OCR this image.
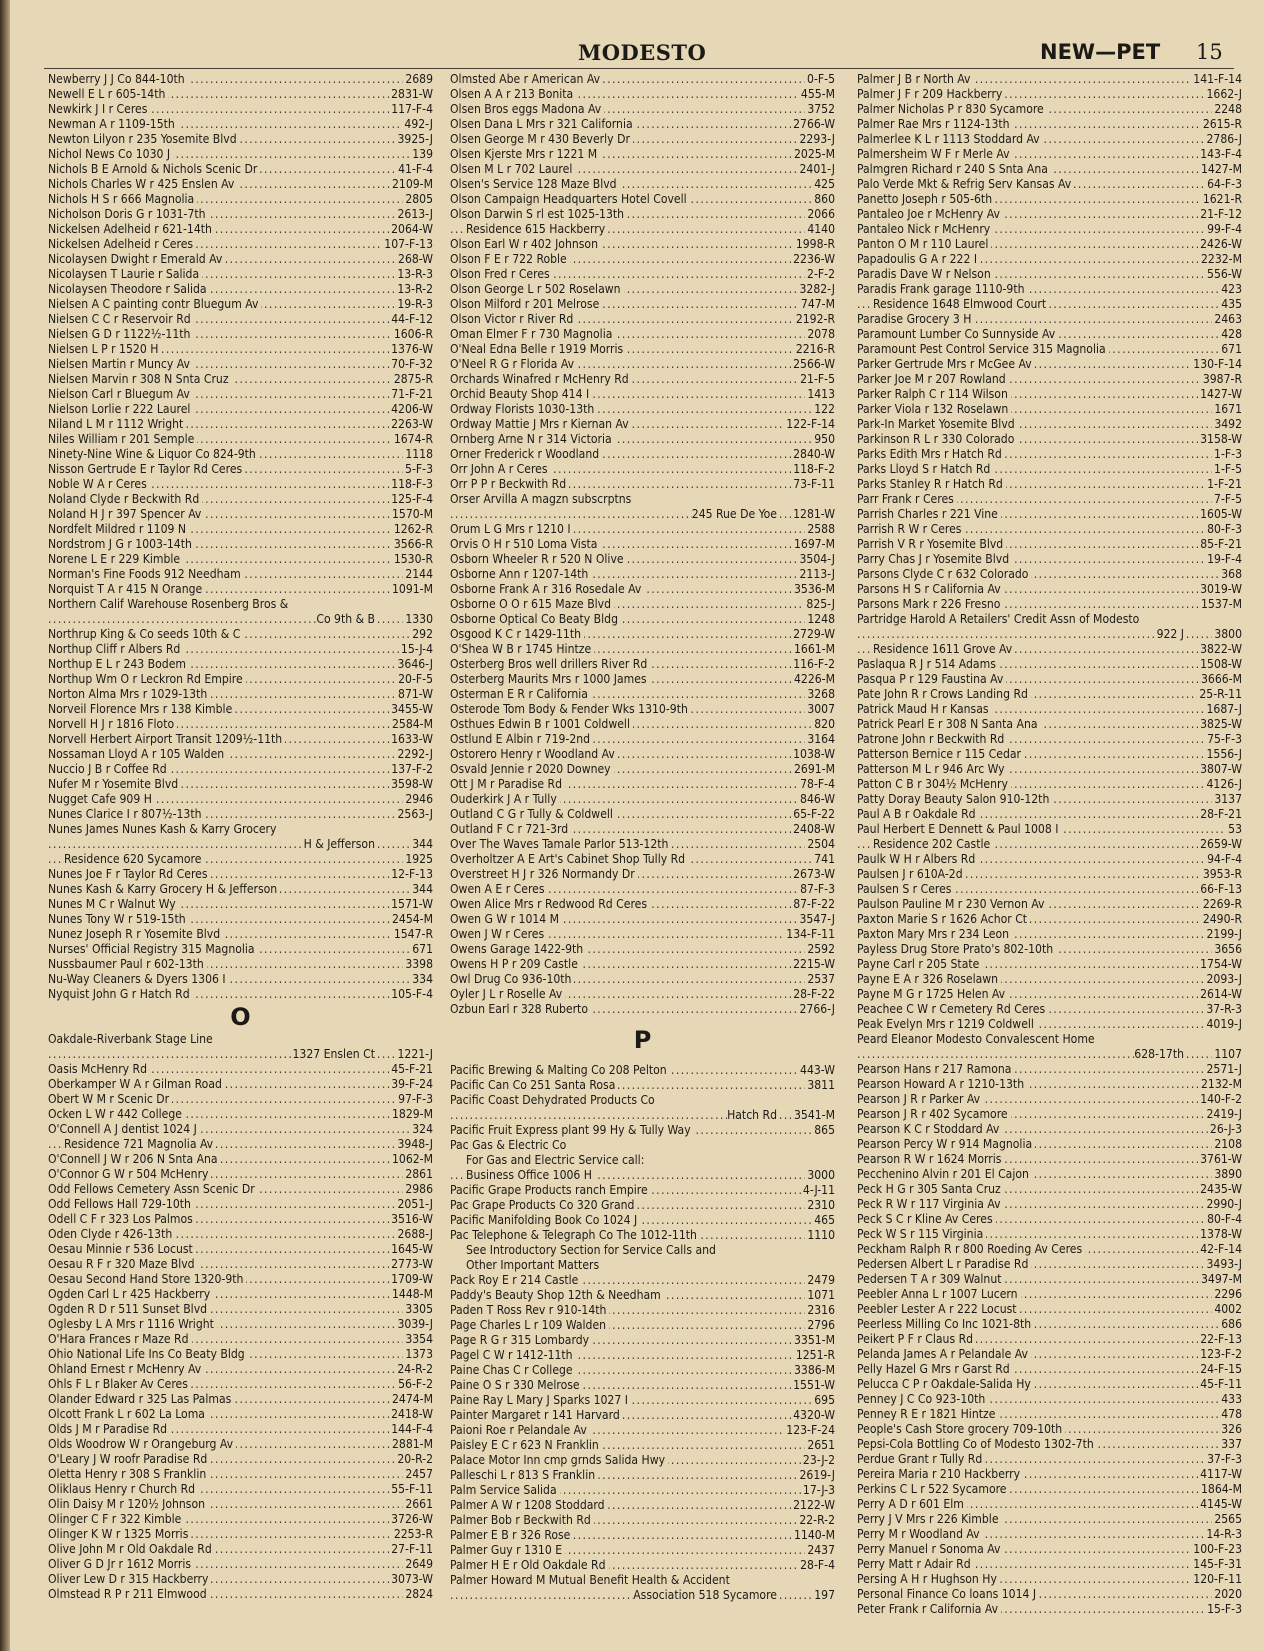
MODESTO	NEW—PET 15
. . . Newberry J J Co 844-10th	2689
. . . Newell E L r 605-14th	2831-W
. . . Newkirk J I r Ceres	117-F-4
. . . Newman A r 1109-15th	492-J
. . . Newton Lilyon r 235 Yosemite Blvd	3925-J
. . . Nichol News Co 1030 J	139
. . . Nichols B E Arnold & Nichols Scenic Dr	41-F-4
. . . Nichols Charles W r 425 Enslen Av	2109-M
. . . Nichols H S r 666 Magnolia	2805
. . . Nicholson Doris G r 1031-7th	2613-J
. . . Nickelsen Adelheid r 621-14th	2064-W
. . . Nickelsen Adelheid r Ceres	107-F-13
. . . Nicolaysen Dwight r Emerald Av	268-W
. . . Nicolaysen T Laurie r Salida	13-R-3
. . . Nicolaysen Theodore r Salida	13-R-2
. . . Nielsen A C painting contr Bluegum Av	19-R-3
. . . Nielsen C C r Reservoir Rd	44-F-12
. . . Nielsen G D r 1122½-11th	1606-R
. . . Nielsen L P r 1520 H	1376-W
. . . Nielsen Martin r Muncy Av	70-F-32
. . . Nielsen Marvin r 308 N Snta Cruz	2875-R
. . . Nielson Carl r Bluegum Av	71-F-21
. . . Nielson Lorlie r 222 Laurel	4206-W
. . . Niland L M r 1112 Wright	2263-W
. . . Niles William r 201 Semple	1674-R
. . . Ninety-Nine Wine & Liquor Co 824-9th	1118
. . . Nisson Gertrude E r Taylor Rd Ceres	5-F-3
. . . Noble W A r Ceres	118-F-3
. . . Noland Clyde r Beckwith Rd	125-F-4
. . . Noland H J r 397 Spencer Av	1570-M
. . . Nordfelt Mildred r 1109 N	1262-R
. . . Nordstrom J G r 1003-14th	3566-R
. . . Norene L E r 229 Kimble	1530-R
. . . Norman's Fine Foods 912 Needham	2144
. . . Norquist T A r 415 N Orange	1091-M
Northern Calif Warehouse Rosenberg Bros &
. . . Co 9th & B	1330
. . . Northrup King & Co seeds 10th & C	292
. . . Northup Cliff r Albers Rd	15-J-4
. . . Northup E L r 243 Bodem	3646-J
. . . Northup Wm O r Leckron Rd Empire	20-F-5
. . . Norton Alma Mrs r 1029-13th	871-W
. . . Norveil Florence Mrs r 138 Kimble	3455-W
. . . Norvell H J r 1816 Floto	2584-M
. . . Norvell Herbert Airport Transit 1209½-11th	1633-W
. . . Nossaman Lloyd A r 105 Walden	2292-J
. . . Nuccio J B r Coffee Rd	137-F-2
. . . Nufer M r Yosemite Blvd	3598-W
. . . Nugget Cafe 909 H	2946
. . . Nunes Clarice I r 807½-13th	2563-J
Nunes James Nunes Kash & Karry Grocery
. . . H & Jefferson	344
. . . Residence 620 Sycamore	1925
. . . Nunes Joe F r Taylor Rd Ceres	12-F-13
. . . Nunes Kash & Karry Grocery H & Jefferson	344
. . . Nunes M C r Walnut Wy	1571-W
. . . Nunes Tony W r 519-15th	2454-M
. . . Nunez Joseph R r Yosemite Blvd	1547-R
. . . Nurses' Official Registry 315 Magnolia	671
. . . Nussbaumer Paul r 602-13th	3398
. . . Nu-Way Cleaners & Dyers 1306 I	334
. . . Nyquist John G r Hatch Rd	105-F-4
O
Oakdale-Riverbank Stage Line
. . . 1327 Enslen Ct 1221-J
. . . Oasis McHenry Rd	45-F-21
. . . Oberkamper W A r Gilman Road	39-F-24
. . . Obert W M r Scenic Dr	97-F-3
. . . Ocken L W r 442 College	1829-M
. . . O'Connell A J dentist 1024 J	324
. . . Residence 721 Magnolia Av	3948-J
. . . O'Connell J W r 206 N Snta Ana	1062-M
. . . O'Connor G W r 504 McHenry	2861
. . . Odd Fellows Cemetery Assn Scenic Dr	2986
. . . Odd Fellows Hall 729-10th	2051-J
. . . Odell C F r 323 Los Palmos	3516-W
. . . Oden Clyde r 426-13th	2688-J
. . . Oesau Minnie r 536 Locust	1645-W
. . . Oesau R F r 320 Maze Blvd	2773-W
. . . Oesau Second Hand Store 1320-9th	1709-W
. . . Ogden Carl L r 425 Hackberry	1448-M
. . . Ogden R D r 511 Sunset Blvd	3305
. . . Oglesby L A Mrs r 1116 Wright	3039-J
. . . O'Hara Frances r Maze Rd	3354
. . . Ohio National Life Ins Co Beaty Bldg	1373
. . . Ohland Ernest r McHenry Av	24-R-2
. . . Ohls F L r Blaker Av Ceres	56-F-2
. . . Olander Edward r 325 Las Palmas	2474-M
. . . Olcott Frank L r 602 La Loma	2418-W
. . . Olds J M r Paradise Rd	144-F-4
. . . Olds Woodrow W r Orangeburg Av	2881-M
. . . O'Leary J W roofr Paradise Rd	20-R-2
. . . Oletta Henry r 308 S Franklin	2457
. . . Oliklaus Henry r Church Rd	55-F-11
. . . Olin Daisy M r 120½ Johnson	2661
. . . Olinger C F r 322 Kimble	3726-W
. . . Olinger K W r 1325 Morris	2253-R
. . . Olive John M r Old Oakdale Rd	27-F-11
. . . Oliver G D Jr r 1612 Morris	2649
. . . Oliver Lew D r 315 Hackberry	3073-W
. . . Olmstead R P r 211 Elmwood	2824
. . . Olmsted Abe r American Av	0-F-5
. . . Olsen A A r 213 Bonita	455-M
. . . Olsen Bros eggs Madona Av	3752
. . . Olsen Dana L Mrs r 321 California	2766-W
. . . Olsen George M r 430 Beverly Dr	2293-J
. . . Olsen Kjerste Mrs r 1221 M	2025-M
. . . Olsen M L r 702 Laurel	2401-J
. . . Olsen's Service 128 Maze Blvd	425
. . . Olson Campaign Headquarters Hotel Covell	860
. . . Olson Darwin S rl est 1025-13th	2066
. . . Residence 615 Hackberry	4140
. . . Olson Earl W r 402 Johnson	1998-R
. . . Olson F E r 722 Roble	2236-W
. . . Olson Fred r Ceres	2-F-2
. . . Olson George L r 502 Roselawn	3282-J
. . . Olson Milford r 201 Melrose	747-M
. . . Olson Victor r River Rd	2192-R
. . . Oman Elmer F r 730 Magnolia	2078
. . . O'Neal Edna Belle r 1919 Morris	2216-R
. . . O'Neel R G r Florida Av	2566-W
. . . Orchards Winafred r McHenry Rd	21-F-5
. . . Orchid Beauty Shop 414 I	1413
. . . Ordway Florists 1030-13th	122
. . . Ordway Mattie J Mrs r Kiernan Av	122-F-14
. . . Ornberg Arne N r 314 Victoria	950
. . . Orner Frederick r Woodland	2840-W
. . . Orr John A r Ceres	118-F-2
. . . Orr P P r Beckwith Rd	73-F-11
Orser Arvilla A magzn subscrptns
. . . 245 Rue De Yoe 1281-W
. . . Orum L G Mrs r 1210 I	2588
. . . Orvis O H r 510 Loma Vista	1697-M
. . . Osborn Wheeler R r 520 N Olive	3504-J
. . . Osborne Ann r 1207-14th	2113-J
. . . Osborne Frank A r 316 Rosedale Av	3536-M
. . . Osborne O O r 615 Maze Blvd	825-J
. . . Osborne Optical Co Beaty Bldg	1248
. . . Osgood K C r 1429-11th	2729-W
. . . O'Shea W B r 1745 Hintze	1661-M
. . . Osterberg Bros well drillers River Rd	116-F-2
. . . Osterberg Maurits Mrs r 1000 James	4226-M
. . . Osterman E R r California	3268
. . . Osterode Tom Body & Fender Wks 1310-9th	3007
. . . Osthues Edwin B r 1001 Coldwell	820
. . . Ostlund E Albin r 719-2nd	3164
. . . Ostorero Henry r Woodland Av	1038-W
. . . Osvald Jennie r 2020 Downey	2691-M
. . . Ott J M r Paradise Rd	78-F-4
. . . Ouderkirk J A r Tully	846-W
. . . Outland C G r Tully & Coldwell	65-F-22
. . . Outland F C r 721-3rd	2408-W
. . . Over The Waves Tamale Parlor 513-12th	2504
. . . Overholtzer A E Art's Cabinet Shop Tully Rd	741
. . . Overstreet H J r 326 Normandy Dr	2673-W
. . . Owen A E r Ceres	87-F-3
. . . Owen Alice Mrs r Redwood Rd Ceres	87-F-22
. . . Owen G W r 1014 M	3547-J
. . . Owen J W r Ceres	134-F-11
. . . Owens Garage 1422-9th	2592
. . . Owens H P r 209 Castle	2215-W
. . . Owl Drug Co 936-10th	2537
. . . Oyler J L r Roselle Av	28-F-22
. . . Ozbun Earl r 328 Ruberto	2766-J
P
. . . Pacific Brewing & Malting Co 208 Pelton	443-W
. . . Pacific Can Co 251 Santa Rosa	3811
Pacific Coast Dehydrated Products Co
. . . Hatch Rd 3541-M
. . . Pacific Fruit Express plant 99 Hy & Tully Way	865
Pac Gas & Electric Co
For Gas and Electric Service call:
. . . Business Office 1006 H	3000
. . . Pacific Grape Products ranch Empire	4-J-11
. . . Pac Grape Products Co 320 Grand	2310
. . . Pacific Manifolding Book Co 1024 J	465
. . . Pac Telephone & Telegraph Co The 1012-11th	1110
See Introductory Section for Service Calls and
Other Important Matters
. . . Pack Roy E r 214 Castle	2479
. . . Paddy's Beauty Shop 12th & Needham	1071
. . . Paden T Ross Rev r 910-14th	2316
. . . Page Charles L r 109 Walden	2796
. . . Page R G r 315 Lombardy	3351-M
. . . Pagel C W r 1412-11th	1251-R
. . . Paine Chas C r College	3386-M
. . . Paine O S r 330 Melrose	1551-W
. . . Paine Ray L Mary J Sparks 1027 I	695
. . . Painter Margaret r 141 Harvard	4320-W
. . . Paioni Roe r Pelandale Av	123-F-24
. . . Paisley E C r 623 N Franklin	2651
. . . Palace Motor Inn cmp grnds Salida Hwy	23-J-2
. . . Palleschi L r 813 S Franklin	2619-J
. . . Palm Service Salida	17-J-3
. . . Palmer A W r 1208 Stoddard	2122-W
. . . Palmer Bob r Beckwith Rd	22-R-2
. . . Palmer E B r 326 Rose	1140-M
. . . Palmer Guy r 1310 E	2437
. . . Palmer H E r Old Oakdale Rd	28-F-4
Palmer Howard M Mutual Benefit Health & Accident
. . . Association 518 Sycamore	197
. . . Palmer J B r North Av	141-F-14
. . . Palmer J F r 209 Hackberry	1662-J
. . . Palmer Nicholas P r 830 Sycamore	2248
. . . Palmer Rae Mrs r 1124-13th	2615-R
. . . Palmerlee K L r 1113 Stoddard Av	2786-J
. . . Palmersheim W F r Merle Av	143-F-4
. . . Palmgren Richard r 240 S Snta Ana	1427-M
. . . Palo Verde Mkt & Refrig Serv Kansas Av	64-F-3
. . . Panetto Joseph r 505-6th	1621-R
. . . Pantaleo Joe r McHenry Av	21-F-12
. . . Pantaleo Nick r McHenry	99-F-4
. . . Panton O M r 110 Laurel	2426-W
. . . Papadoulis G A r 222 I	2232-M
. . . Paradis Dave W r Nelson	556-W
. . . Paradis Frank garage 1110-9th	423
. . . Residence 1648 Elmwood Court	435
. . . Paradise Grocery 3 H	2463
. . . Paramount Lumber Co Sunnyside Av	428
. . . Paramount Pest Control Service 315 Magnolia	671
. . . Parker Gertrude Mrs r McGee Av	130-F-14
. . . Parker Joe M r 207 Rowland	3987-R
. . . Parker Ralph C r 114 Wilson	1427-W
. . . Parker Viola r 132 Roselawn	1671
. . . Park-In Market Yosemite Blvd	3492
. . . Parkinson R L r 330 Colorado	3158-W
. . . Parks Edith Mrs r Hatch Rd	1-F-3
. . . Parks Lloyd S r Hatch Rd	1-F-5
. . . Parks Stanley R r Hatch Rd	1-F-21
. . . Parr Frank r Ceres	7-F-5
. . . Parrish Charles r 221 Vine	1605-W
. . . Parrish R W r Ceres	80-F-3
. . . Parrish V R r Yosemite Blvd	85-F-21
. . . Parry Chas J r Yosemite Blvd	19-F-4
. . . Parsons Clyde C r 632 Colorado	368
. . . Parsons H S r California Av	3019-W
. . . Parsons Mark r 226 Fresno	1537-M
Partridge Harold A Retailers' Credit Assn of Modesto
. . . 922 J	3800
. . . Residence 1611 Grove Av	3822-W
. . . Paslaqua R J r 514 Adams	1508-W
. . . Pasqua P r 129 Faustina Av	3666-M
. . . Pate John R r Crows Landing Rd	25-R-11
. . . Patrick Maud H r Kansas	1687-J
. . . Patrick Pearl E r 308 N Santa Ana	3825-W
. . . Patrone John r Beckwith Rd	75-F-3
. . . Patterson Bernice r 115 Cedar	1556-J
. . . Patterson M L r 946 Arc Wy	3807-W
. . . Patton C B r 304½ McHenry	4126-J
. . . Patty Doray Beauty Salon 910-12th	3137
. . . Paul A B r Oakdale Rd	28-F-21
. . . Paul Herbert E Dennett & Paul 1008 I	53
. . . Residence 202 Castle	2659-W
. . . Paulk W H r Albers Rd	94-F-4
. . . Paulsen J r 610A-2d	3953-R
. . . Paulsen S r Ceres	66-F-13
. . . Paulson Pauline M r 230 Vernon Av	2269-R
. . . Paxton Marie S r 1626 Achor Ct	2490-R
. . . Paxton Mary Mrs r 234 Leon	2199-J
. . . Payless Drug Store Prato's 802-10th	3656
. . . Payne Carl r 205 State	1754-W
. . . Payne E A r 326 Roselawn	2093-J
. . . Payne M G r 1725 Helen Av	2614-W
. . . Peachee C W r Cemetery Rd Ceres	37-R-3
. . . Peak Evelyn Mrs r 1219 Coldwell	4019-J
Peard Eleanor Modesto Convalescent Home
. . . 628-17th	1107
. . . Pearson Hans r 217 Ramona	2571-J
. . . Pearson Howard A r 1210-13th	2132-M
. . . Pearson J R r Parker Av	140-F-2
. . . Pearson J R r 402 Sycamore	2419-J
. . . Pearson K C r Stoddard Av	26-J-3
. . . Pearson Percy W r 914 Magnolia	2108
. . . Pearson R W r 1624 Morris	3761-W
. . . Pecchenino Alvin r 201 El Cajon	3890
. . . Peck H G r 305 Santa Cruz	2435-W
. . . Peck R W r 117 Virginia Av	2990-J
. . . Peck S C r Kline Av Ceres	80-F-4
. . . Peck W S r 115 Virginia	1378-W
. . . Peckham Ralph R r 800 Roeding Av Ceres	42-F-14
. . . Pedersen Albert L r Paradise Rd	3493-J
. . . Pedersen T A r 309 Walnut	3497-M
. . . Peebler Anna L r 1007 Lucern	2296
. . . Peebler Lester A r 222 Locust	4002
. . . Peerless Milling Co Inc 1021-8th	686
. . . Peikert P F r Claus Rd	22-F-13
. . . Pelanda James A r Pelandale Av	123-F-2
. . . Pelly Hazel G Mrs r Garst Rd	24-F-15
. . . Pelucca C P r Oakdale-Salida Hy	45-F-11
. . . Penney J C Co 923-10th	433
. . . Penney R E r 1821 Hintze	478
. . . People's Cash Store grocery 709-10th	326
. . . Pepsi-Cola Bottling Co of Modesto 1302-7th	337
. . . Perdue Grant r Tully Rd	37-F-3
. . . Pereira Maria r 210 Hackberry	4117-W
. . . Perkins C L r 522 Sycamore	1864-M
. . . Perry A D r 601 Elm	4145-W
. . . Perry J V Mrs r 226 Kimble	2565
. . . Perry M r Woodland Av	14-R-3
. . . Perry Manuel r Sonoma Av	100-F-23
. . . Perry Matt r Adair Rd	145-F-31
. . . Persing A H r Hughson Hy	120-F-11
. . . Personal Finance Co loans 1014 J	2020
. . . Peter Frank r California Av	15-F-3
